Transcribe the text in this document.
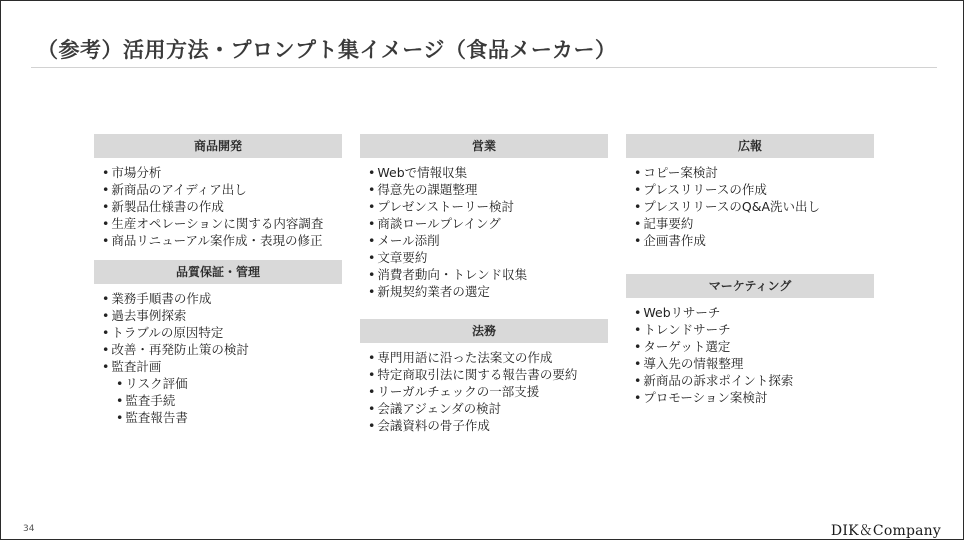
（参考）活用方法・プロンプト集イメージ（食品メーカー）
商品開発
• 市場分析
• 新商品のアイディア出し
• 新製品仕様書の作成
• 生産オペレーションに関する内容調査
• 商品リニューアル案作成・表現の修正
品質保証・管理
• 業務手順書の作成
• 過去事例探索
• トラブルの原因特定
• 改善・再発防止策の検討
• 監査計画
• リスク評価
• 監査手続
• 監査報告書
営業
• Webで情報収集
• 得意先の課題整理
• プレゼンストーリー検討
• 商談ロールプレイング
• メール添削
• 文章要約
• 消費者動向・トレンド収集
• 新規契約業者の選定
法務
• 専門用語に沿った法案文の作成
• 特定商取引法に関する報告書の要約
• リーガルチェックの一部支援
• 会議アジェンダの検討
• 会議資料の骨子作成
広報
• コピー案検討
• プレスリリースの作成
• プレスリリースのQ&A洗い出し
• 記事要約
• 企画書作成
マーケティング
• Webリサーチ
• トレンドサーチ
• ターゲット選定
• 導入先の情報整理
• 新商品の訴求ポイント探索
• プロモーション案検討
34	DIK＆Company
